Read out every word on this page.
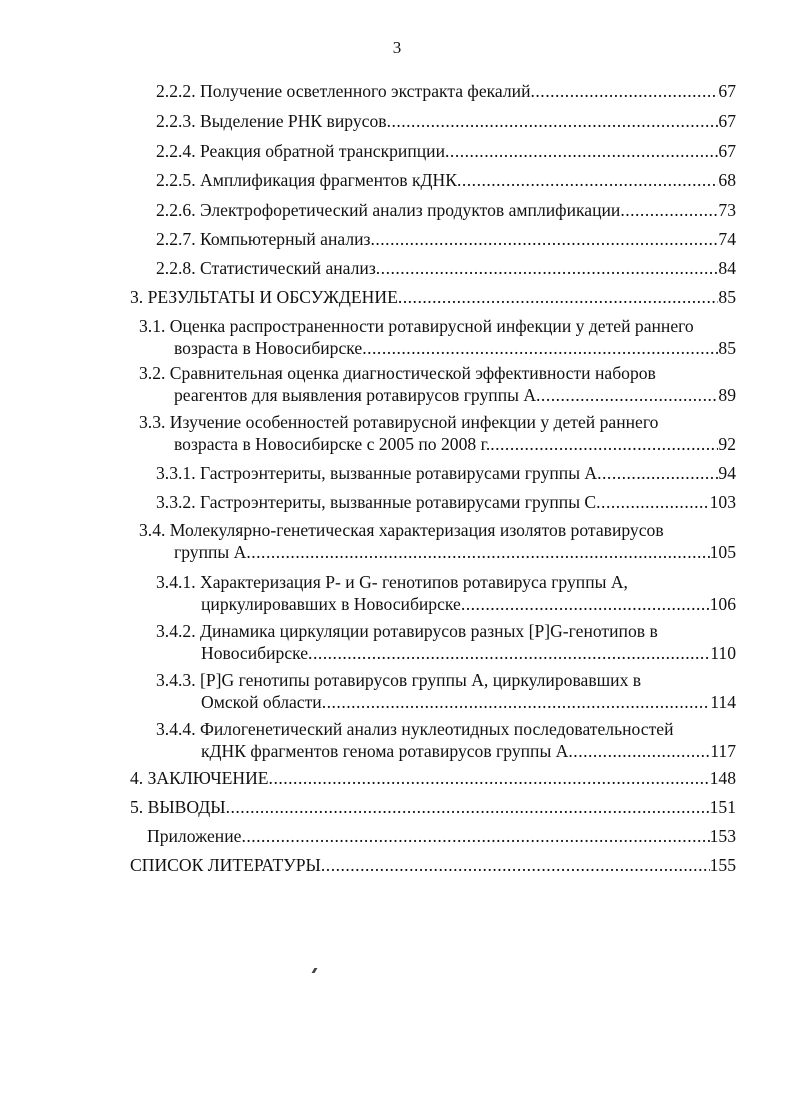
3
2.2.2. Получение осветленного экстракта фекалий .....	67
2.2.3. Выделение РНК вирусов .....	67
2.2.4. Реакция обратной транскрипции .....	67
2.2.5. Амплификация фрагментов кДНК .....	68
2.2.6. Электрофоретический анализ продуктов амплификации .....	73
2.2.7. Компьютерный анализ .....	74
2.2.8. Статистический анализ .....	84
3. РЕЗУЛЬТАТЫ И ОБСУЖДЕНИЕ .....	85
3.1. Оценка распространенности ротавирусной инфекции у детей раннего
возраста в Новосибирске .....	85
3.2. Сравнительная оценка диагностической эффективности наборов
реагентов для выявления ротавирусов группы А .....	89
3.3. Изучение особенностей ротавирусной инфекции у детей раннего
возраста в Новосибирске с 2005 по 2008 г. .....	92
3.3.1. Гастроэнтериты, вызванные ротавирусами группы А .....	94
3.3.2. Гастроэнтериты, вызванные ротавирусами группы С .....	103
3.4. Молекулярно-генетическая характеризация изолятов ротавирусов
группы А .....	105
3.4.1. Характеризация Р- и G- генотипов ротавируса группы А,
циркулировавших в Новосибирске .....	106
3.4.2. Динамика циркуляции ротавирусов разных [P]G-генотипов в
Новосибирске .....	110
3.4.3. [P]G генотипы ротавирусов группы А, циркулировавших в
Омской области .....	114
3.4.4. Филогенетический анализ нуклеотидных последовательностей
кДНК фрагментов генома ротавирусов группы А .....	117
4. ЗАКЛЮЧЕНИЕ .....	148
5. ВЫВОДЫ .....	151
Приложение .....	153
СПИСОК ЛИТЕРАТУРЫ .....	155
